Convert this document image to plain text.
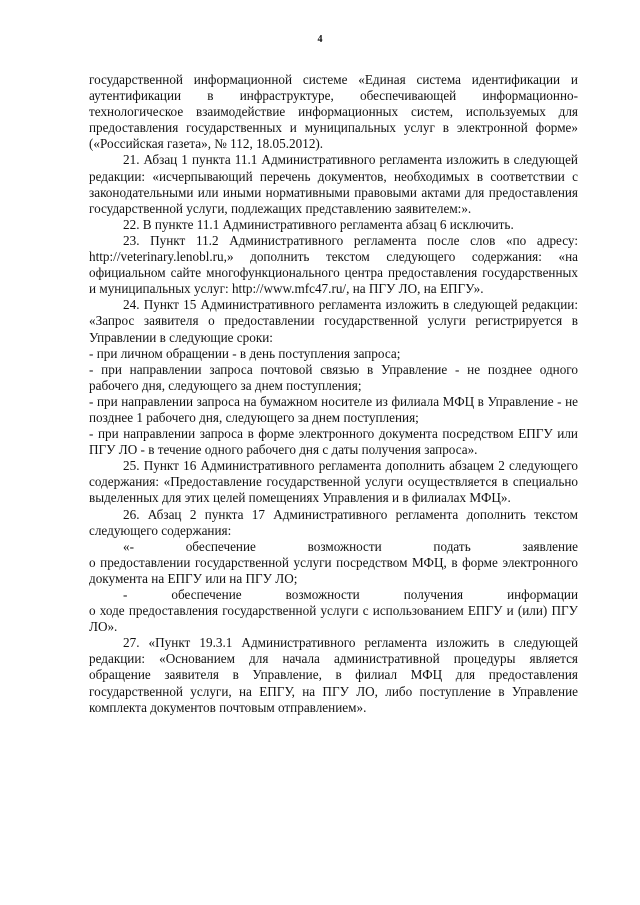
4

государственной информационной системе «Единая система идентификации и аутентификации в инфраструктуре, обеспечивающей информационно-технологическое взаимодействие информационных систем, используемых для предоставления государственных и муниципальных услуг в электронной форме» («Российская газета», № 112, 18.05.2012).

21. Абзац 1 пункта 11.1 Административного регламента изложить в следующей редакции: «исчерпывающий перечень документов, необходимых в соответствии с законодательными или иными нормативными правовыми актами для предоставления государственной услуги, подлежащих представлению заявителем:».

22. В пункте 11.1 Административного регламента абзац 6 исключить.

23. Пункт 11.2 Административного регламента после слов «по адресу: http://veterinary.lenobl.ru,» дополнить текстом следующего содержания: «на официальном сайте многофункционального центра предоставления государственных и муниципальных услуг: http://www.mfc47.ru/, на ПГУ ЛО, на ЕПГУ».

24. Пункт 15 Административного регламента изложить в следующей редакции: «Запрос заявителя о предоставлении государственной услуги регистрируется в Управлении в следующие сроки:

- при личном обращении - в день поступления запроса;

- при направлении запроса почтовой связью в Управление - не позднее одного рабочего дня, следующего за днем поступления;

- при направлении запроса на бумажном носителе из филиала МФЦ в Управление - не позднее 1 рабочего дня, следующего за днем поступления;

- при направлении запроса в форме электронного документа посредством ЕПГУ или ПГУ ЛО - в течение одного рабочего дня с даты получения запроса».

25. Пункт 16 Административного регламента дополнить абзацем 2 следующего содержания: «Предоставление государственной услуги осуществляется в специально выделенных для этих целей помещениях Управления и в филиалах МФЦ».

26. Абзац 2 пункта 17 Административного регламента дополнить текстом следующего содержания:

«- обеспечение возможности подать заявление

о предоставлении государственной услуги посредством МФЦ, в форме электронного документа на ЕПГУ или на ПГУ ЛО;

- обеспечение возможности получения информации

о ходе предоставления государственной услуги с использованием ЕПГУ и (или) ПГУ ЛО».

27. «Пункт 19.3.1 Административного регламента изложить в следующей редакции: «Основанием для начала административной процедуры является обращение заявителя в Управление, в филиал МФЦ для предоставления государственной услуги, на ЕПГУ, на ПГУ ЛО, либо поступление в Управление комплекта документов почтовым отправлением».
